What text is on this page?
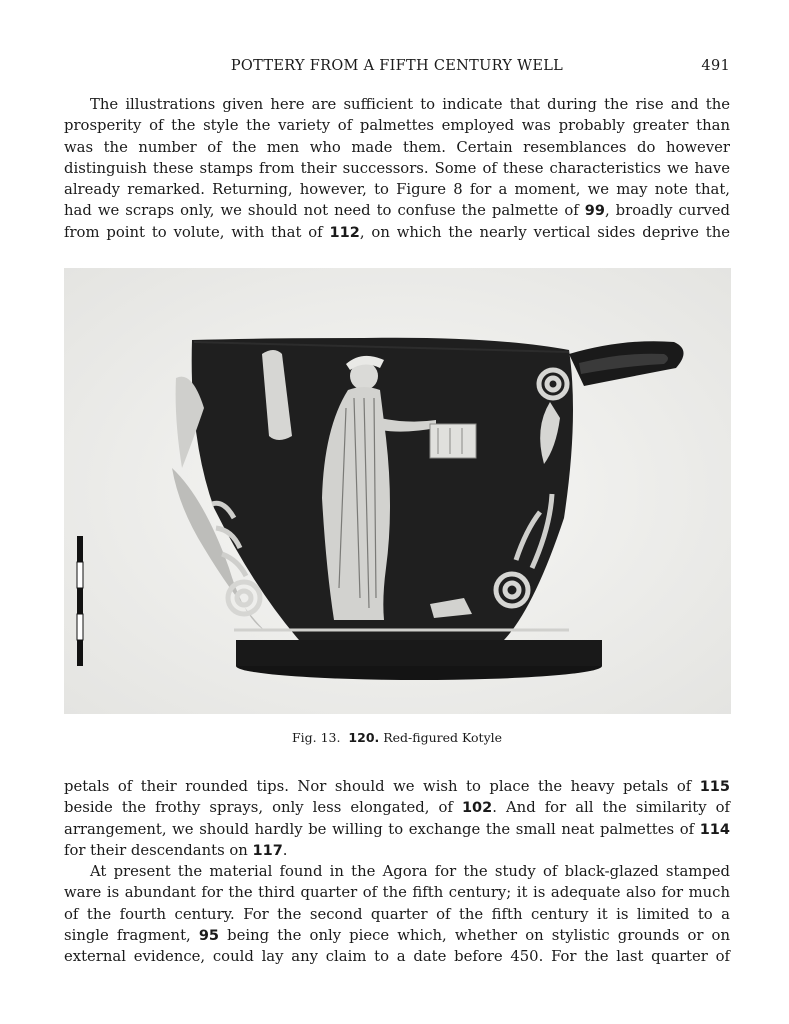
POTTERY FROM A FIFTH CENTURY WELL	491
The illustrations given here are sufficient to indicate that during the rise and the
prosperity of the style the variety of palmettes employed was probably greater than
was the number of the men who made them. Certain resemblances do however
distinguish these stamps from their successors. Some of these characteristics we have
already remarked. Returning, however, to Figure 8 for a moment, we may note that,
had we scraps only, we should not need to confuse the palmette of 99, broadly curved
from point to volute, with that of 112, on which the nearly vertical sides deprive the
Fig. 13. 120. Red-figured Kotyle
petals of their rounded tips. Nor should we wish to place the heavy petals of 115
beside the frothy sprays, only less elongated, of 102. And for all the similarity of
arrangement, we should hardly be willing to exchange the small neat palmettes of 114
for their descendants on 117.
At present the material found in the Agora for the study of black-glazed stamped
ware is abundant for the third quarter of the fifth century; it is adequate also for much
of the fourth century. For the second quarter of the fifth century it is limited to a
single fragment, 95 being the only piece which, whether on stylistic grounds or on
external evidence, could lay any claim to a date before 450. For the last quarter of
